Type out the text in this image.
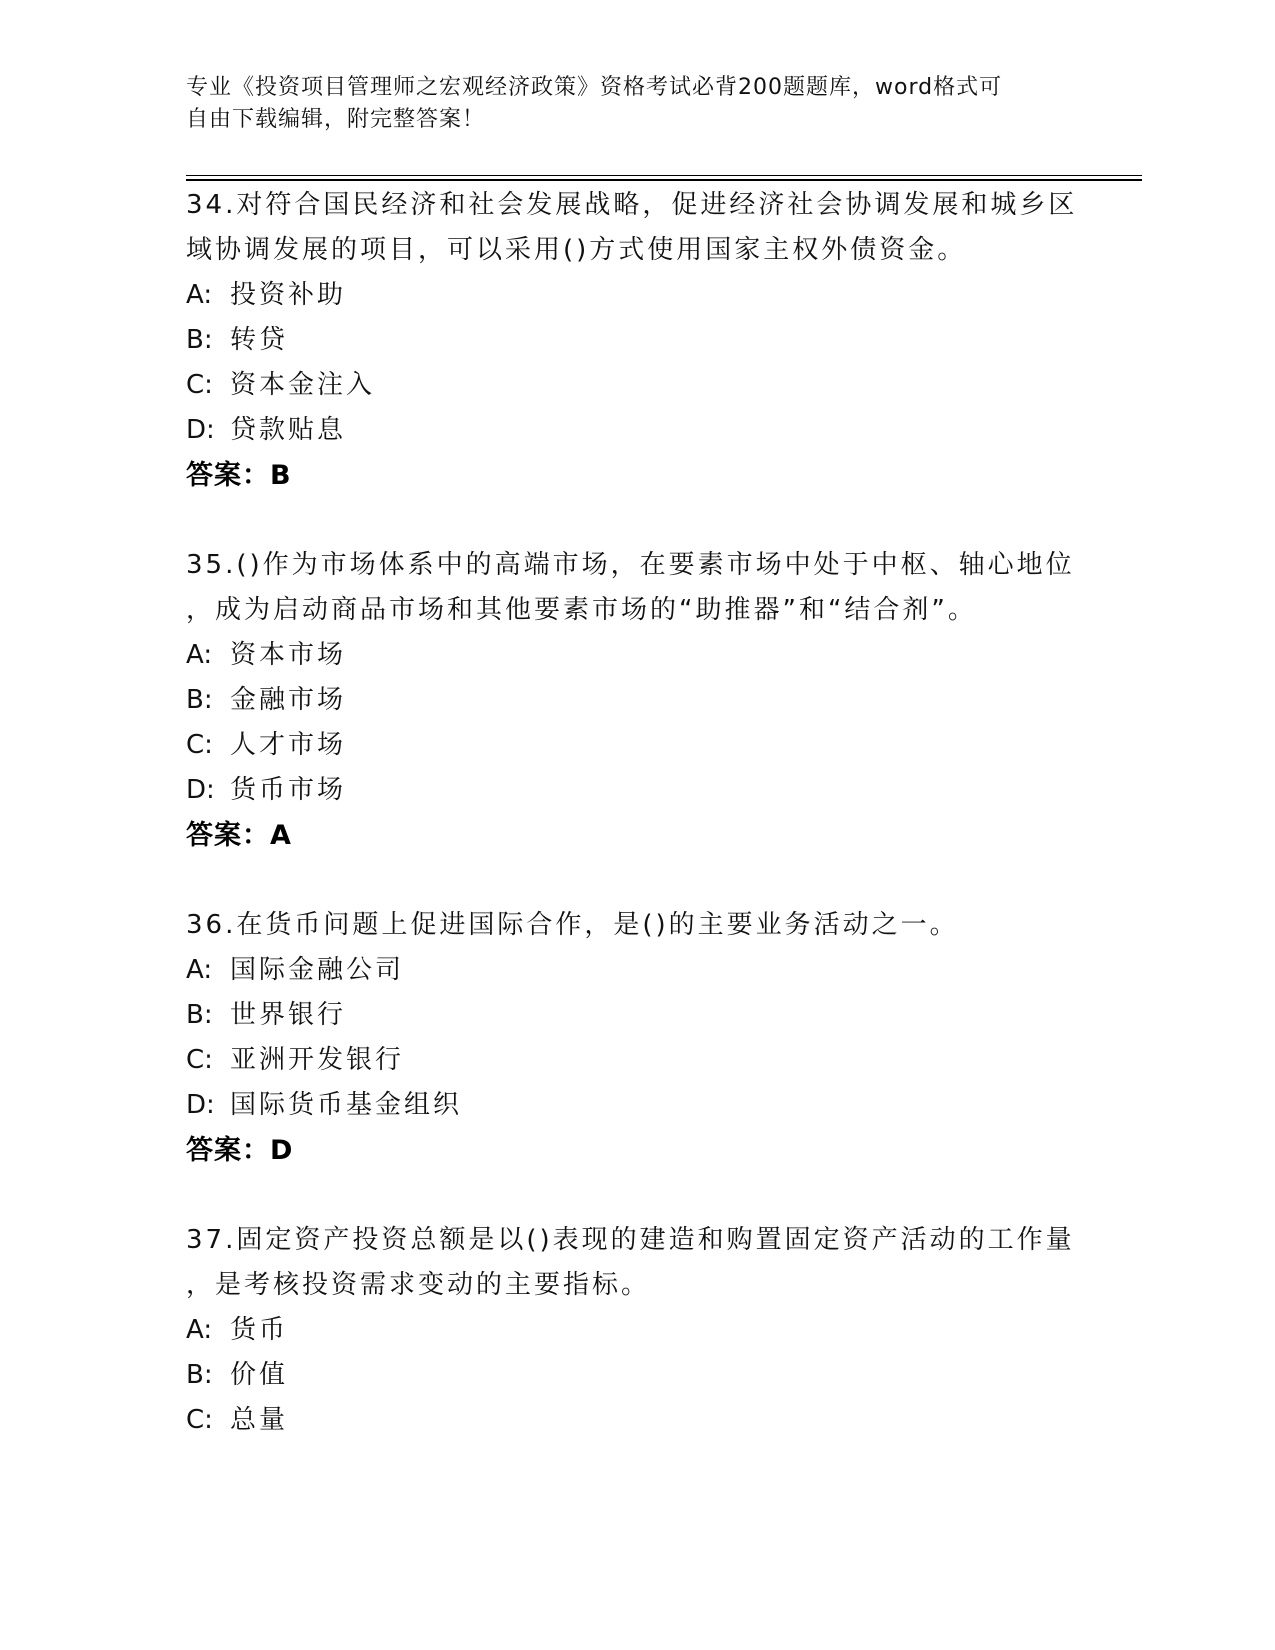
专业《投资项目管理师之宏观经济政策》资格考试必背200题题库，word格式可
自由下载编辑，附完整答案！
34.对符合国民经济和社会发展战略，促进经济社会协调发展和城乡区
域协调发展的项目，可以采用()方式使用国家主权外债资金。
A: 投资补助
B: 转贷
C: 资本金注入
D: 贷款贴息
答案：B
35.()作为市场体系中的高端市场，在要素市场中处于中枢、轴心地位
，成为启动商品市场和其他要素市场的“助推器”和“结合剂”。
A: 资本市场
B: 金融市场
C: 人才市场
D: 货币市场
答案：A
36.在货币问题上促进国际合作，是()的主要业务活动之一。
A: 国际金融公司
B: 世界银行
C: 亚洲开发银行
D: 国际货币基金组织
答案：D
37.固定资产投资总额是以()表现的建造和购置固定资产活动的工作量
，是考核投资需求变动的主要指标。
A: 货币
B: 价值
C: 总量
